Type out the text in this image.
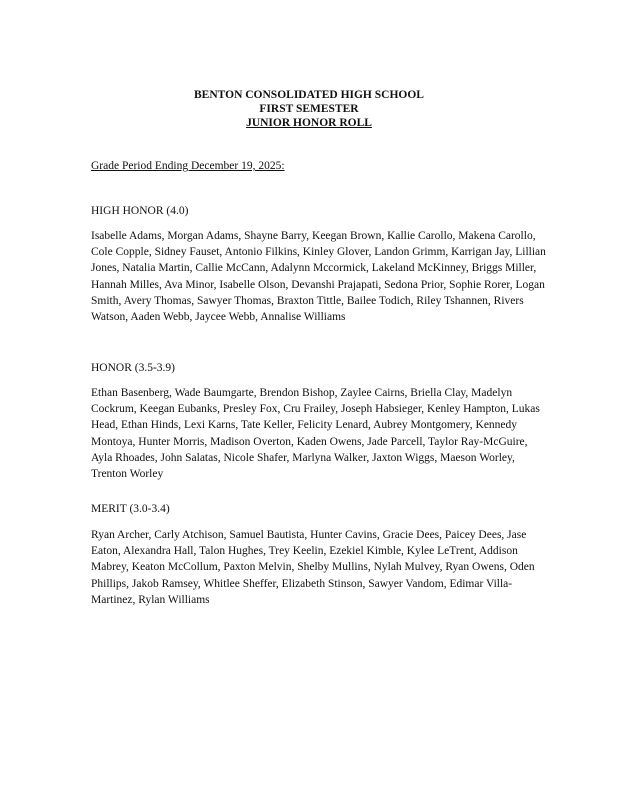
BENTON CONSOLIDATED HIGH SCHOOL
FIRST SEMESTER
JUNIOR HONOR ROLL
Grade Period Ending December 19, 2025:
HIGH HONOR (4.0)
Isabelle Adams, Morgan Adams, Shayne Barry, Keegan Brown, Kallie Carollo, Makena Carollo, Cole Copple, Sidney Fauset, Antonio Filkins, Kinley Glover, Landon Grimm, Karrigan Jay, Lillian Jones, Natalia Martin, Callie McCann, Adalynn Mccormick, Lakeland McKinney, Briggs Miller, Hannah Milles, Ava Minor, Isabelle Olson, Devanshi Prajapati, Sedona Prior, Sophie Rorer, Logan Smith, Avery Thomas, Sawyer Thomas, Braxton Tittle, Bailee Todich, Riley Tshannen, Rivers Watson, Aaden Webb, Jaycee Webb, Annalise Williams
HONOR (3.5-3.9)
Ethan Basenberg, Wade Baumgarte, Brendon Bishop, Zaylee Cairns, Briella Clay, Madelyn Cockrum, Keegan Eubanks, Presley Fox, Cru Frailey, Joseph Habsieger, Kenley Hampton, Lukas Head, Ethan Hinds, Lexi Karns, Tate Keller, Felicity Lenard, Aubrey Montgomery, Kennedy Montoya, Hunter Morris, Madison Overton, Kaden Owens, Jade Parcell, Taylor Ray-McGuire, Ayla Rhoades, John Salatas, Nicole Shafer, Marlyna Walker, Jaxton Wiggs, Maeson Worley, Trenton Worley
MERIT (3.0-3.4)
Ryan Archer, Carly Atchison, Samuel Bautista, Hunter Cavins, Gracie Dees, Paicey Dees, Jase Eaton, Alexandra Hall, Talon Hughes, Trey Keelin, Ezekiel Kimble, Kylee LeTrent, Addison Mabrey, Keaton McCollum, Paxton Melvin, Shelby Mullins, Nylah Mulvey, Ryan Owens, Oden Phillips, Jakob Ramsey, Whitlee Sheffer, Elizabeth Stinson, Sawyer Vandom, Edimar Villa-Martinez, Rylan Williams
